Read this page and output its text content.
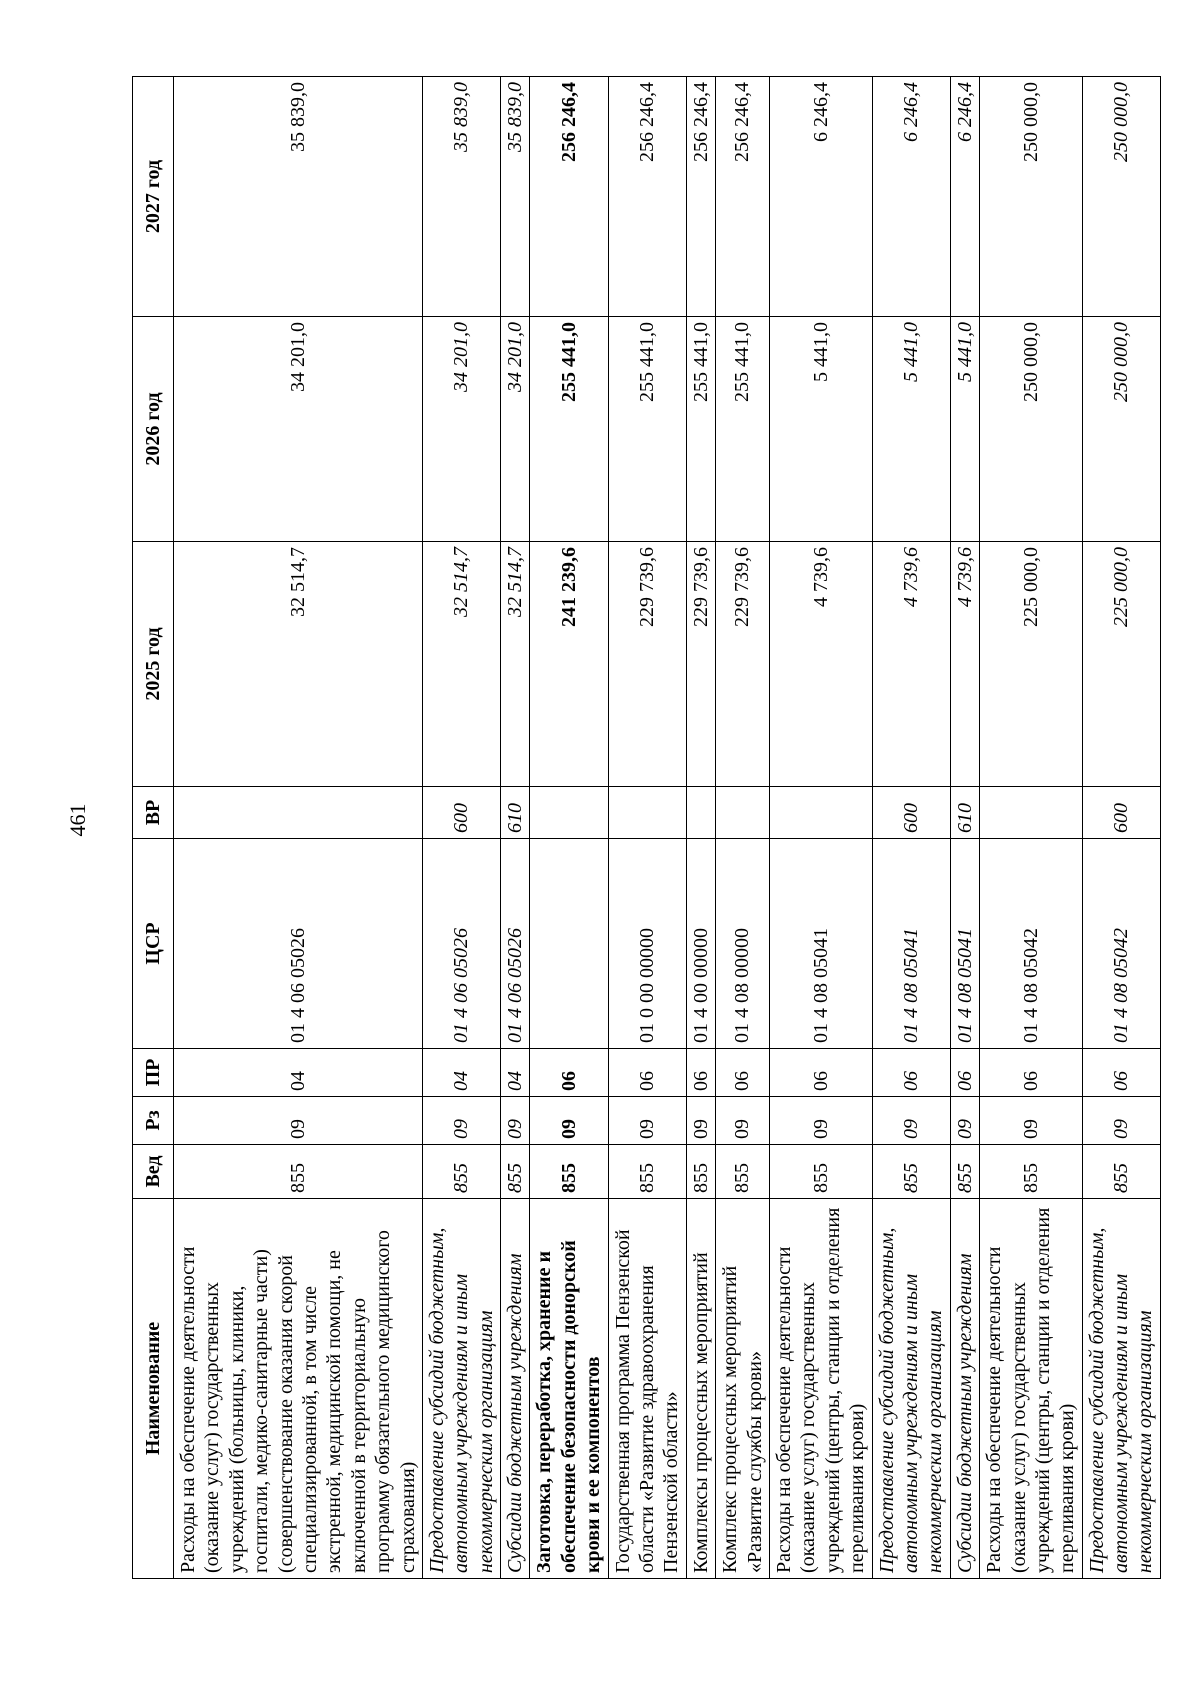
461
Наименование	Вед	Рз	ПР	ЦСР	ВР	2025 год	2026 год	2027 год
Расходы на обеспечение деятельности (оказание услуг) государственных учреждений (больницы, клиники, госпитали, медико-санитарные части) (совершенствование оказания скорой специализированной, в том числе экстренной, медицинской помощи, не включенной в территориальную программу обязательного медицинского страхования)	855	09	04	01 4 06 05026		32 514,7	34 201,0	35 839,0
Предоставление субсидий бюджетным, автономным учреждениям и иным некоммерческим организациям	855	09	04	01 4 06 05026	600	32 514,7	34 201,0	35 839,0
Субсидии бюджетным учреждениям	855	09	04	01 4 06 05026	610	32 514,7	34 201,0	35 839,0
Заготовка, переработка, хранение и обеспечение безопасности донорской крови и ее компонентов	855	09	06			241 239,6	255 441,0	256 246,4
Государственная программа Пензенской области «Развитие здравоохранения Пензенской области»	855	09	06	01 0 00 00000		229 739,6	255 441,0	256 246,4
Комплексы процессных мероприятий	855	09	06	01 4 00 00000		229 739,6	255 441,0	256 246,4
Комплекс процессных мероприятий «Развитие службы крови»	855	09	06	01 4 08 00000		229 739,6	255 441,0	256 246,4
Расходы на обеспечение деятельности (оказание услуг) государственных учреждений (центры, станции и отделения переливания крови)	855	09	06	01 4 08 05041		4 739,6	5 441,0	6 246,4
Предоставление субсидий бюджетным, автономным учреждениям и иным некоммерческим организациям	855	09	06	01 4 08 05041	600	4 739,6	5 441,0	6 246,4
Субсидии бюджетным учреждениям	855	09	06	01 4 08 05041	610	4 739,6	5 441,0	6 246,4
Расходы на обеспечение деятельности (оказание услуг) государственных учреждений (центры, станции и отделения переливания крови)	855	09	06	01 4 08 05042		225 000,0	250 000,0	250 000,0
Предоставление субсидий бюджетным, автономным учреждениям и иным некоммерческим организациям	855	09	06	01 4 08 05042	600	225 000,0	250 000,0	250 000,0
